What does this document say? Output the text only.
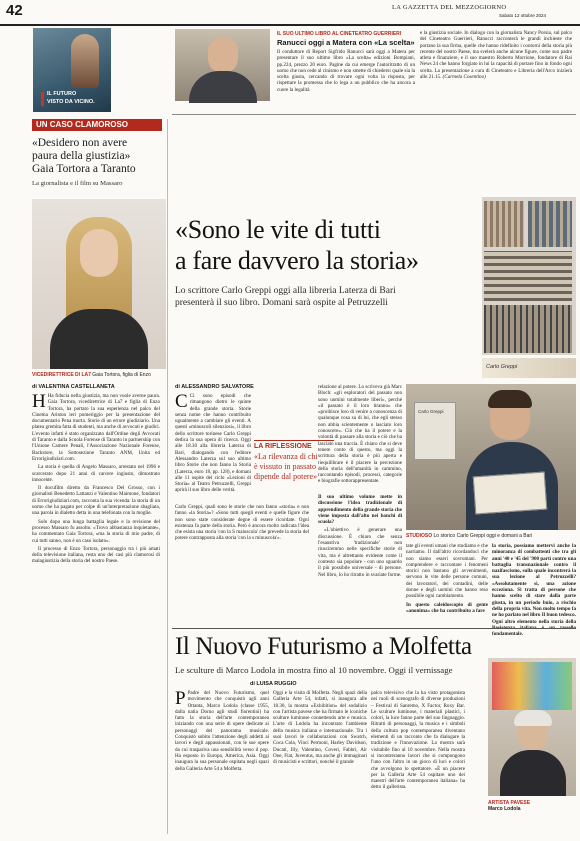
42	LA GAZZETTA DEL MEZZOGIORNO
Sabato 12 ottobre 2024
IL FUTURO
VISTO DA VICINO.
UN CASO CLAMOROSO
«Desidero non avere
paura della giustizia»
Gaia Tortora a Taranto
La giornalista e il film su Massaro
VICEDIRETTRICE DI LA7 Gaia Tortora, figlia di Enzo
di VALENTINA CASTELLANETA

H Ha fiducia nella giustizia, ma non vuole averne paura. Gaia Tortora, vicedirettrice di La7 e figlia di Enzo Tortora, ha portato la sua esperienza nel palco del Cinema Ariston ieri pomeriggio per la presentazione del documentario Pena morta. Storie di un errore giudiziario. Una platea gremita fatta di studenti, ma anche di avvocati e giudici. L'evento infatti è stato organizzato dall'Ordine degli Avvocati di Taranto e dalla Scuola Forense di Taranto in partnership con l'Unione Camere Penali, l'Associazione Nazionale Forense, Backstore, la Sottosezione Taranto ANM, Unita ed Errorigiudiziari.com.

La storia è quella di Angelo Massaro, arrestato nel 1996 e scarcerato dopo 21 anni di carcere ingiusto, dimostrato innocente.

Il docufilm diretto da Francesco Del Grosso, con i giornalisti Benedetto Lattanzi e Valentino Maimone, fondatori di Errorigiudiziari.com, racconta la sua vicenda: la storia di un uomo che ha pagato per colpe di un'interpretazione sbagliata, una parola in dialetto detta in una telefonata con la moglie.

Solo dopo una lunga battaglia legale e la revisione del processo Massaro fu assolto. «Trovo abbastanza inquietante», ha commentato Gaia Tortora, «ma la storia di mio padre, di cui tutti sanno, non è un caso isolato».

Il processo di Enzo Tortora, personaggio tra i più amati della televisione italiana, resta uno dei casi più clamorosi di malagiustizia della storia del nostro Paese.

IL SUO ULTIMO LIBRO AL CINETEATRO GUERRIERI
Ranucci oggi a Matera con «La scelta»
Il conduttore di Report Sigfrido Ranucci sarà oggi a Matera per presentare il suo ultimo libro «La scelta» edizioni Bompiani, pp.224, prezzo 20 euro. Pagine da cui emerge l'autoritratto di un uomo che non cede al cinismo e non smette di chiedersi quale sia la scelta giusta, cercando di trovare ogni volta la risposta, per rispettare la promessa che lo lega a un pubblico che ha ancora a cuore la legalità
e la giustizia sociale. In dialogo con la giornalista Nancy Porsia, sul palco del Cineteatro Guerrieri, Ranucci racconterà le grandi inchieste che portano la sua firma, quelle che hanno ridefinito i contorni della storia più recente del nostro Paese, ma svelerà anche alcune figure, come suo padre atleta e finanziere, e il suo maestro Roberto Morrione, fondatore di Rai News 24 che hanno forgiato in lui la capacità di portare fino in fondo ogni scelta. La presentazione a cura di Cineteatro e Libreria dell'Arco inizierà alle 21.15. (Carmela Cosentino)
«Sono le vite di tutti
a fare davvero la storia»
Lo scrittore Carlo Greppi oggi alla libreria Laterza di Bari
presenterà il suo libro. Domani sarà ospite al Petruzzelli
di ALESSANDRO SALVATORE

C Ci sono episodi che rimangono dietro le quinte della grande storia. Storie senza nome che hanno contribuito ugualmente a cambiare gli eventi. A questi «minuscoli silenziosi», il libro dello scrittore torinese Carlo Greppi dedica la sua opera di ricerca. Oggi alle 18.30 alla libreria Laterza di Bari, dialogando con l'editore Alessandro Laterza sul suo ultimo libro Storie che non fanno la Storia (Laterza, euro 18, pp. 128), e domani alle 11 ospite del ciclo «Lezioni di Storia» al Teatro Petruzzelli, Greppi aprirà il suo libro delle verità.

Carlo Greppi, quali sono le storie che non fanno «storia» e non fanno «la Storia»? «Sono tutti quegli eventi e quelle figure che non sono state considerate degne di essere ricordate. Ogni esistenza fa parte della storia. Però è ancora molto radicata l'idea che esista una storia 'con la S maiuscola' che prevede la storia del potere contrapposta alla storia 'con la s minuscola'».
LA RIFLESSIONE
«La rilevanza di chi
è vissuto in passato
dipende dal potere»
relazione al potere. Lo scriveva già Marc Bloch: «gli esploratori del passato non sono uomini totalmente liberi», perché «il passato è il loro tiranno» che «proibisce loro di venire a conoscenza di qualunque cosa su di lui, che egli stesso non abbia scientemente o lasciato loro conoscere». Ciò che ha il potere e la volontà di passare alla storia e ciò che ha lasciato una traccia. È chiaro che si deve tenere conto di questo, ma oggi la scrittura della storia è più aperta e riequilibrare è il piacere la percezione della storia dell'umanità in cammino, raccontando episodi, processi, categorie e biografie sottorappresentate.

Il suo ultimo volume mette in discussione l'idea tradizionale di apprendimento della grande storia che viene imposta dall'alto nei banchi di scuola?

«L'obiettivo è generare una discussione. È chiaro che senza l'esaustiva 'tradizionale' non riusciremmo nelle specifiche storie di vita, ma è altrettanto evidente come il contesto sia popolare - con uno sguardo il più possibile universale - di persone. Nel libro, lo ho ritratto in svariate forme.

Carlo Greppi
STUDIOSO Lo storico Carlo Greppi oggi e domani a Bari
tate gli eventi umani che studiamo e che narriamo. Il dall'altro ricordandoci che non siamo esseri sovrumani. Per comprendere e raccontare i fenomeni storici non bastano gli avvenimenti, servono le vite delle persone comuni, dei lavoratori, dei contadini, delle donne e degli uomini che hanno reso possibile ogni cambiamento.

In questo caleidoscopio di gente «anonima» che ha contribuito a fare

la storia, possiamo mettervi anche la minoranza di combattenti che tra gli anni '40 e '45 del '900 partì contro una battaglia transnazionale contro il nazifascismo, sulla quale incontrerà la sua lezione al Petruzzelli? «Assolutamente sì, una azione ecceziona. Si tratta di persone che hanno scelto di stare dalla parte giusta, in un periodo buio, a rischio della propria vita. Non molto tempo fa ne ho parlato nel libro Il buon tedesco. Ogni altro elemento nella storia della fondamentale.
Il Nuovo Futurismo a Molfetta
Le sculture di Marco Lodola in mostra fino al 10 novembre. Oggi il vernissage
di LUISA RUGGIO

P Padre del Nuovo Futurismo, quel movimento che conquistò agli anni Ottanta, Marco Lodola (classe 1955, dalla natìa Dorno agli studi fiorentini) ha fatto la storia dell'arte contemporanea iniziando con una serie di opere dedicate ai personaggi del panorama musicale. Conquistò subito l'attenzione degli addetti ai lavori e degli appassionati, con le sue opere da cui traspariva una sensibilità verso il pop. Ha esposto in Europa, America, Asia. Oggi inaugura la sua personale ospitata negli spazi della Galleria Arte 54 a Molfetta.

Oggi e la visita di Molfetta. Negli spazi della Galleria Arte 54, infatti, si inaugura alle 18.30, la mostra «Exhibition» del sodalizio con l'artista pavese che ha firmato le iconiche sculture luminose connettendo arte e musica. L'arte di Lodola ha incontrato l'ambiente della musica italiana e internazionale. Tra i suoi lavori le collaborazioni con Swatch, Coca Cola, Vinci Permoni, Harley Davidson, Ducati, Illy, Valentino, Coveri, Fabbri, Air One, Fiat, Juventus, ma anche gli immaginari di musicisti e scrittori, nonché il grande
palco televisivo che la ha visto protagonista nei ruoli di scenografo di diverse produzioni – Festival di Sanremo, X Factor, Roxy Bar. Le sculture luminose, i materiali plastici, i colori, la luce fanno parte del suo linguaggio. Ritratti di personaggi, la musica e i simboli della cultura pop contemporanea diventano elementi di un racconto che fa dialogare la tradizione e l'innovazione. La mostra sarà visitabile fino al 10 novembre. Nella mostra si incontreranno lavori che si compongono l'uno con l'altro in un gioco di luci e colori che avvolgono lo spettatore. «È un piacere per la Galleria Arte 54 ospitare uno dei maestri dell'arte contemporanea italiana» ha detto il gallerista.
ARTISTA PAVESE
Marco Lodola
Carlo Greppi
